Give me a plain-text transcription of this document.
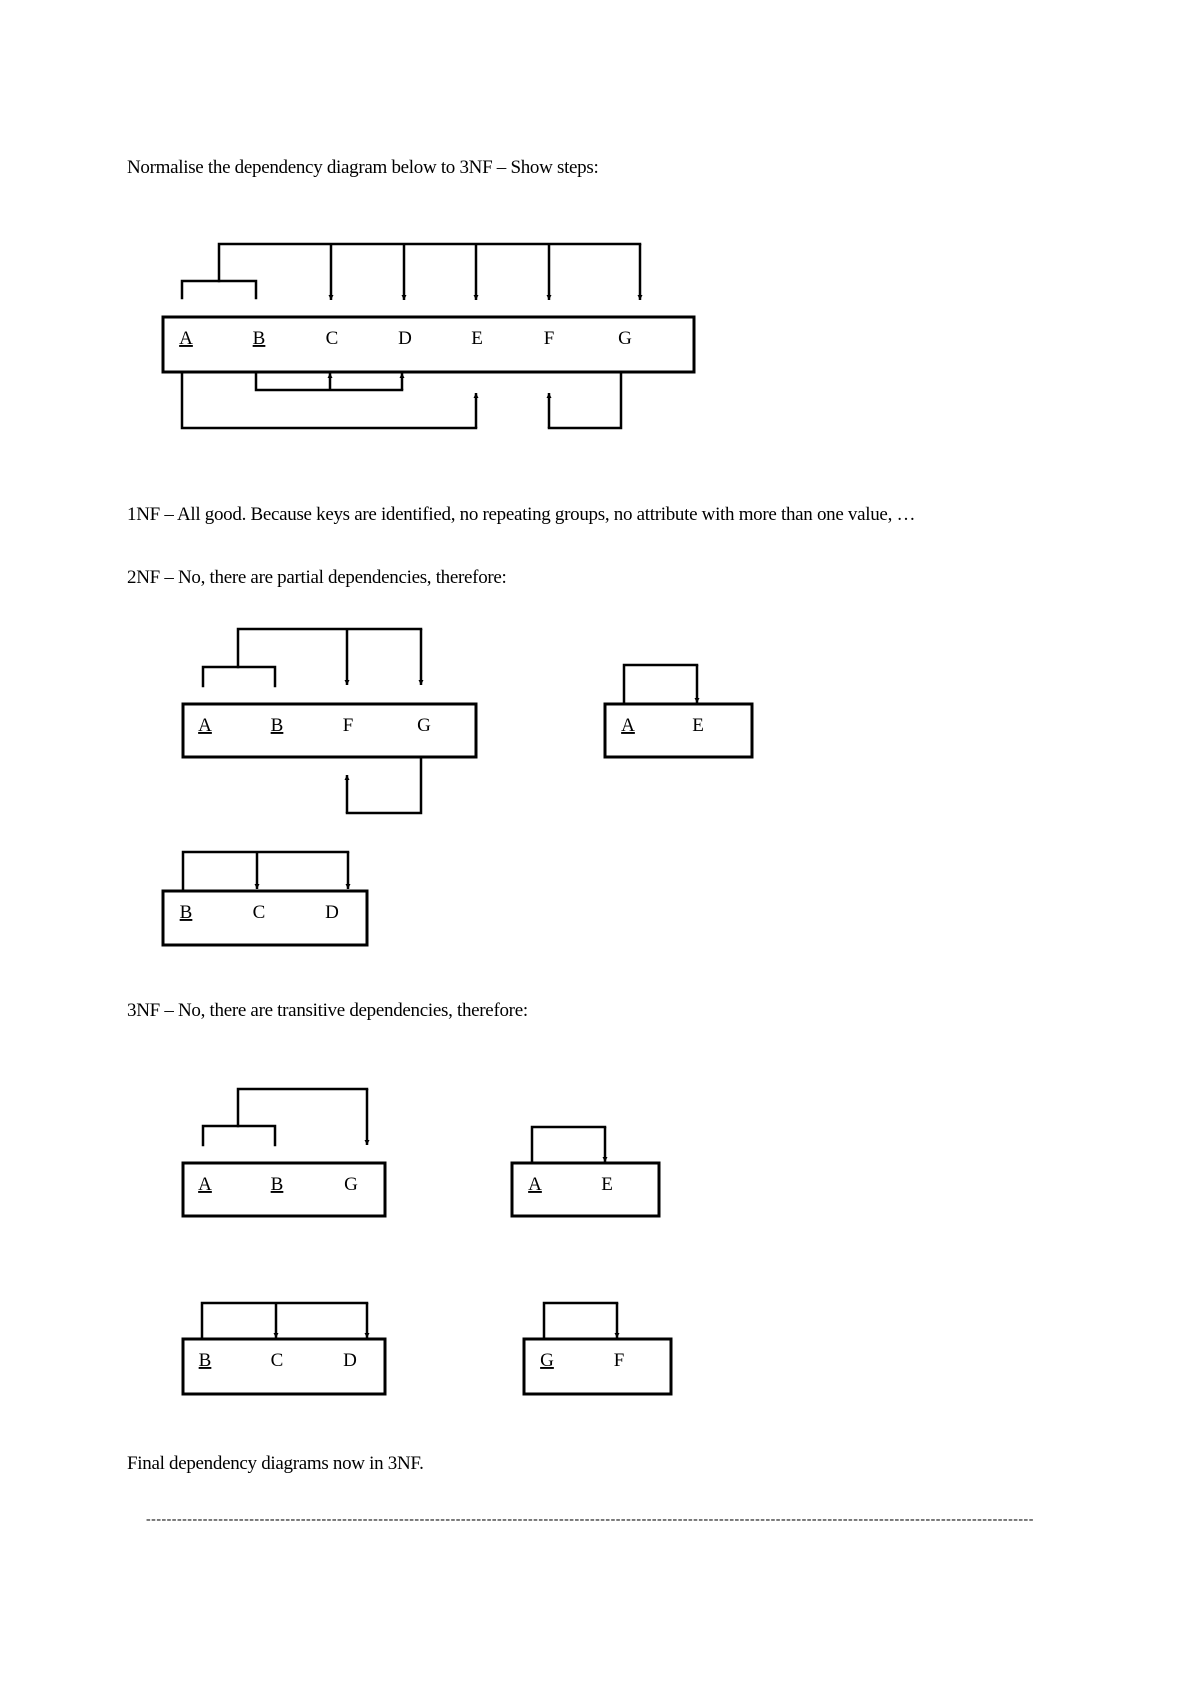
Normalise the dependency diagram below to 3NF – Show steps:
1NF – All good. Because keys are identified, no repeating groups, no attribute with more than one value, …
2NF – No, there are partial dependencies, therefore:
3NF – No, there are transitive dependencies, therefore:
Final dependency diagrams now in 3NF.
----------------------------------------------------------------------------------------------------------------------------------------------------------------------------
A	B	C	D	E	F	G
A	B	F	G	A	E
B	C	D
A	B	G	A	E
B	C	D	G	F
